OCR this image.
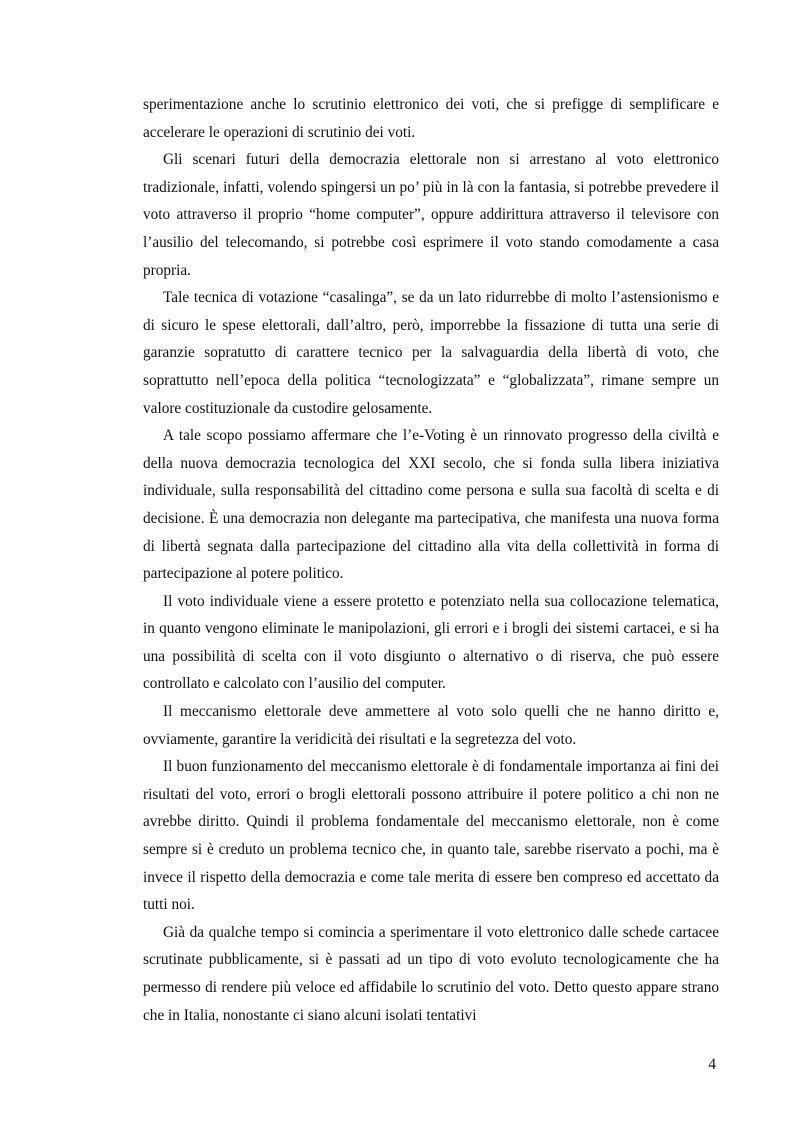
sperimentazione anche lo scrutinio elettronico dei voti, che si prefigge di semplificare e accelerare le operazioni di scrutinio dei voti.

Gli scenari futuri della democrazia elettorale non si arrestano al voto elettronico tradizionale, infatti, volendo spingersi un po’ più in là con la fantasia, si potrebbe prevedere il voto attraverso il proprio “home computer”, oppure addirittura attraverso il televisore con l’ausilio del telecomando, si potrebbe così esprimere il voto stando comodamente a casa propria.

Tale tecnica di votazione “casalinga”, se da un lato ridurrebbe di molto l’astensionismo e di sicuro le spese elettorali, dall’altro, però, imporrebbe la fissazione di tutta una serie di garanzie sopratutto di carattere tecnico per la salvaguardia della libertà di voto, che soprattutto nell’epoca della politica “tecnologizzata” e “globalizzata”, rimane sempre un valore costituzionale da custodire gelosamente.

A tale scopo possiamo affermare che l’e-Voting è un rinnovato progresso della civiltà e della nuova democrazia tecnologica del XXI secolo, che si fonda sulla libera iniziativa individuale, sulla responsabilità del cittadino come persona e sulla sua facoltà di scelta e di decisione. È una democrazia non delegante ma partecipativa, che manifesta una nuova forma di libertà segnata dalla partecipazione del cittadino alla vita della collettività in forma di partecipazione al potere politico.

Il voto individuale viene a essere protetto e potenziato nella sua collocazione telematica, in quanto vengono eliminate le manipolazioni, gli errori e i brogli dei sistemi cartacei, e si ha una possibilità di scelta con il voto disgiunto o alternativo o di riserva, che può essere controllato e calcolato con l’ausilio del computer.

Il meccanismo elettorale deve ammettere al voto solo quelli che ne hanno diritto e, ovviamente, garantire la veridicità dei risultati e la segretezza del voto.

Il buon funzionamento del meccanismo elettorale è di fondamentale importanza ai fini dei risultati del voto, errori o brogli elettorali possono attribuire il potere politico a chi non ne avrebbe diritto. Quindi il problema fondamentale del meccanismo elettorale, non è come sempre si è creduto un problema tecnico che, in quanto tale, sarebbe riservato a pochi, ma è invece il rispetto della democrazia e come tale merita di essere ben compreso ed accettato da tutti noi.

Già da qualche tempo si comincia a sperimentare il voto elettronico dalle schede cartacee scrutinate pubblicamente, si è passati ad un tipo di voto evoluto tecnologicamente che ha permesso di rendere più veloce ed affidabile lo scrutinio del voto. Detto questo appare strano che in Italia, nonostante ci siano alcuni isolati tentativi

4
